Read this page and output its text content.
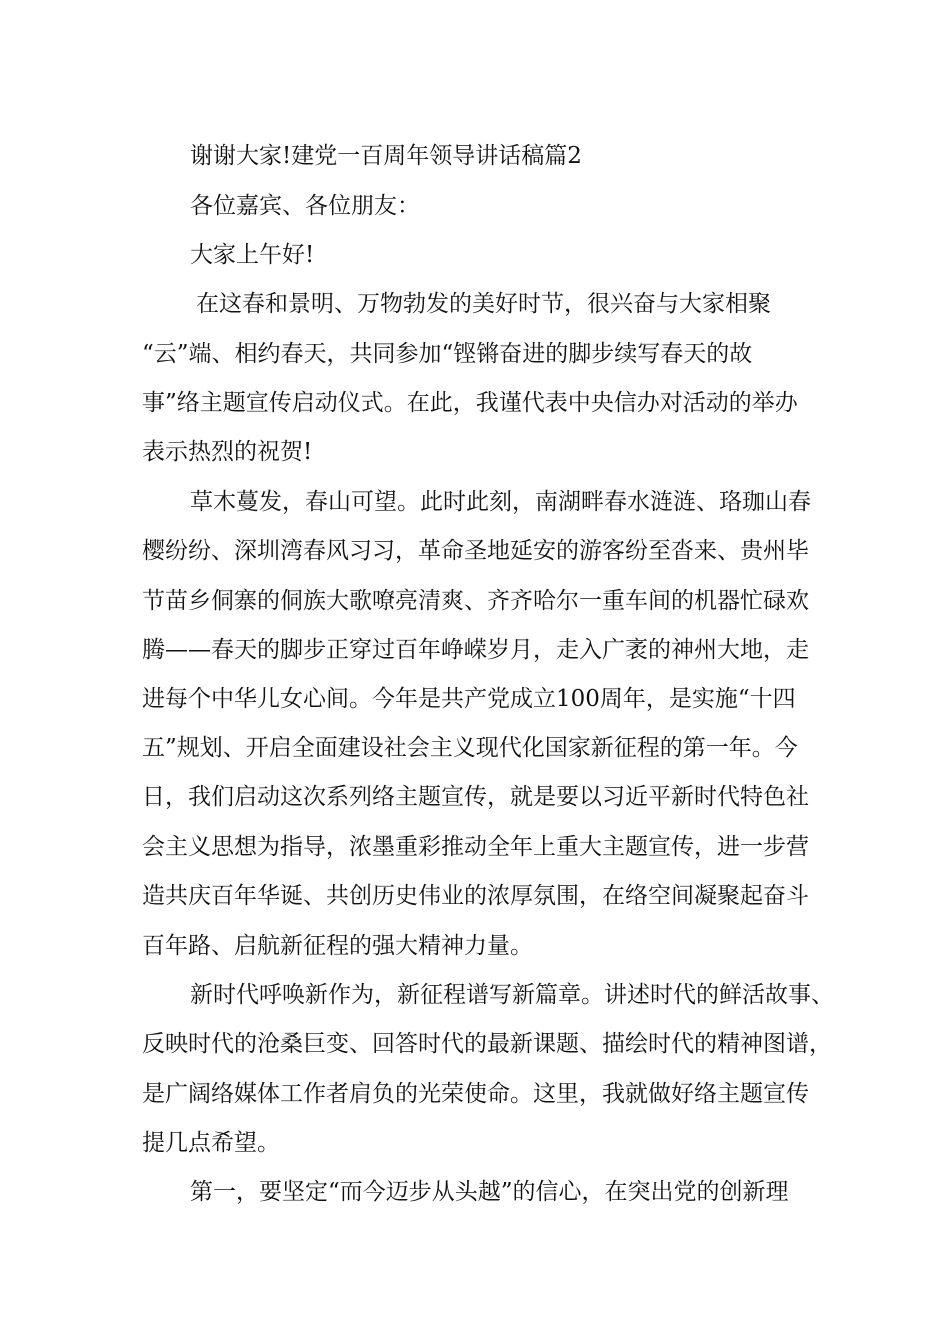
谢谢大家!建党一百周年领导讲话稿篇2
各位嘉宾、各位朋友：
大家上午好!
在这春和景明、万物勃发的美好时节，很兴奋与大家相聚
“云”端、相约春天，共同参加“铿锵奋进的脚步续写春天的故
事”络主题宣传启动仪式。在此，我谨代表中央信办对活动的举办
表示热烈的祝贺!
草木蔓发，春山可望。此时此刻，南湖畔春水涟涟、珞珈山春
樱纷纷、深圳湾春风习习，革命圣地延安的游客纷至沓来、贵州毕
节苗乡侗寨的侗族大歌嘹亮清爽、齐齐哈尔一重车间的机器忙碌欢
腾——春天的脚步正穿过百年峥嵘岁月，走入广袤的神州大地，走
进每个中华儿女心间。今年是共产党成立100周年，是实施“十四
五”规划、开启全面建设社会主义现代化国家新征程的第一年。今
日，我们启动这次系列络主题宣传，就是要以习近平新时代特色社
会主义思想为指导，浓墨重彩推动全年上重大主题宣传，进一步营
造共庆百年华诞、共创历史伟业的浓厚氛围，在络空间凝聚起奋斗
百年路、启航新征程的强大精神力量。
新时代呼唤新作为，新征程谱写新篇章。讲述时代的鲜活故事、
反映时代的沧桑巨变、回答时代的最新课题、描绘时代的精神图谱，
是广阔络媒体工作者肩负的光荣使命。这里，我就做好络主题宣传
提几点希望。
第一，要坚定“而今迈步从头越”的信心，在突出党的创新理
